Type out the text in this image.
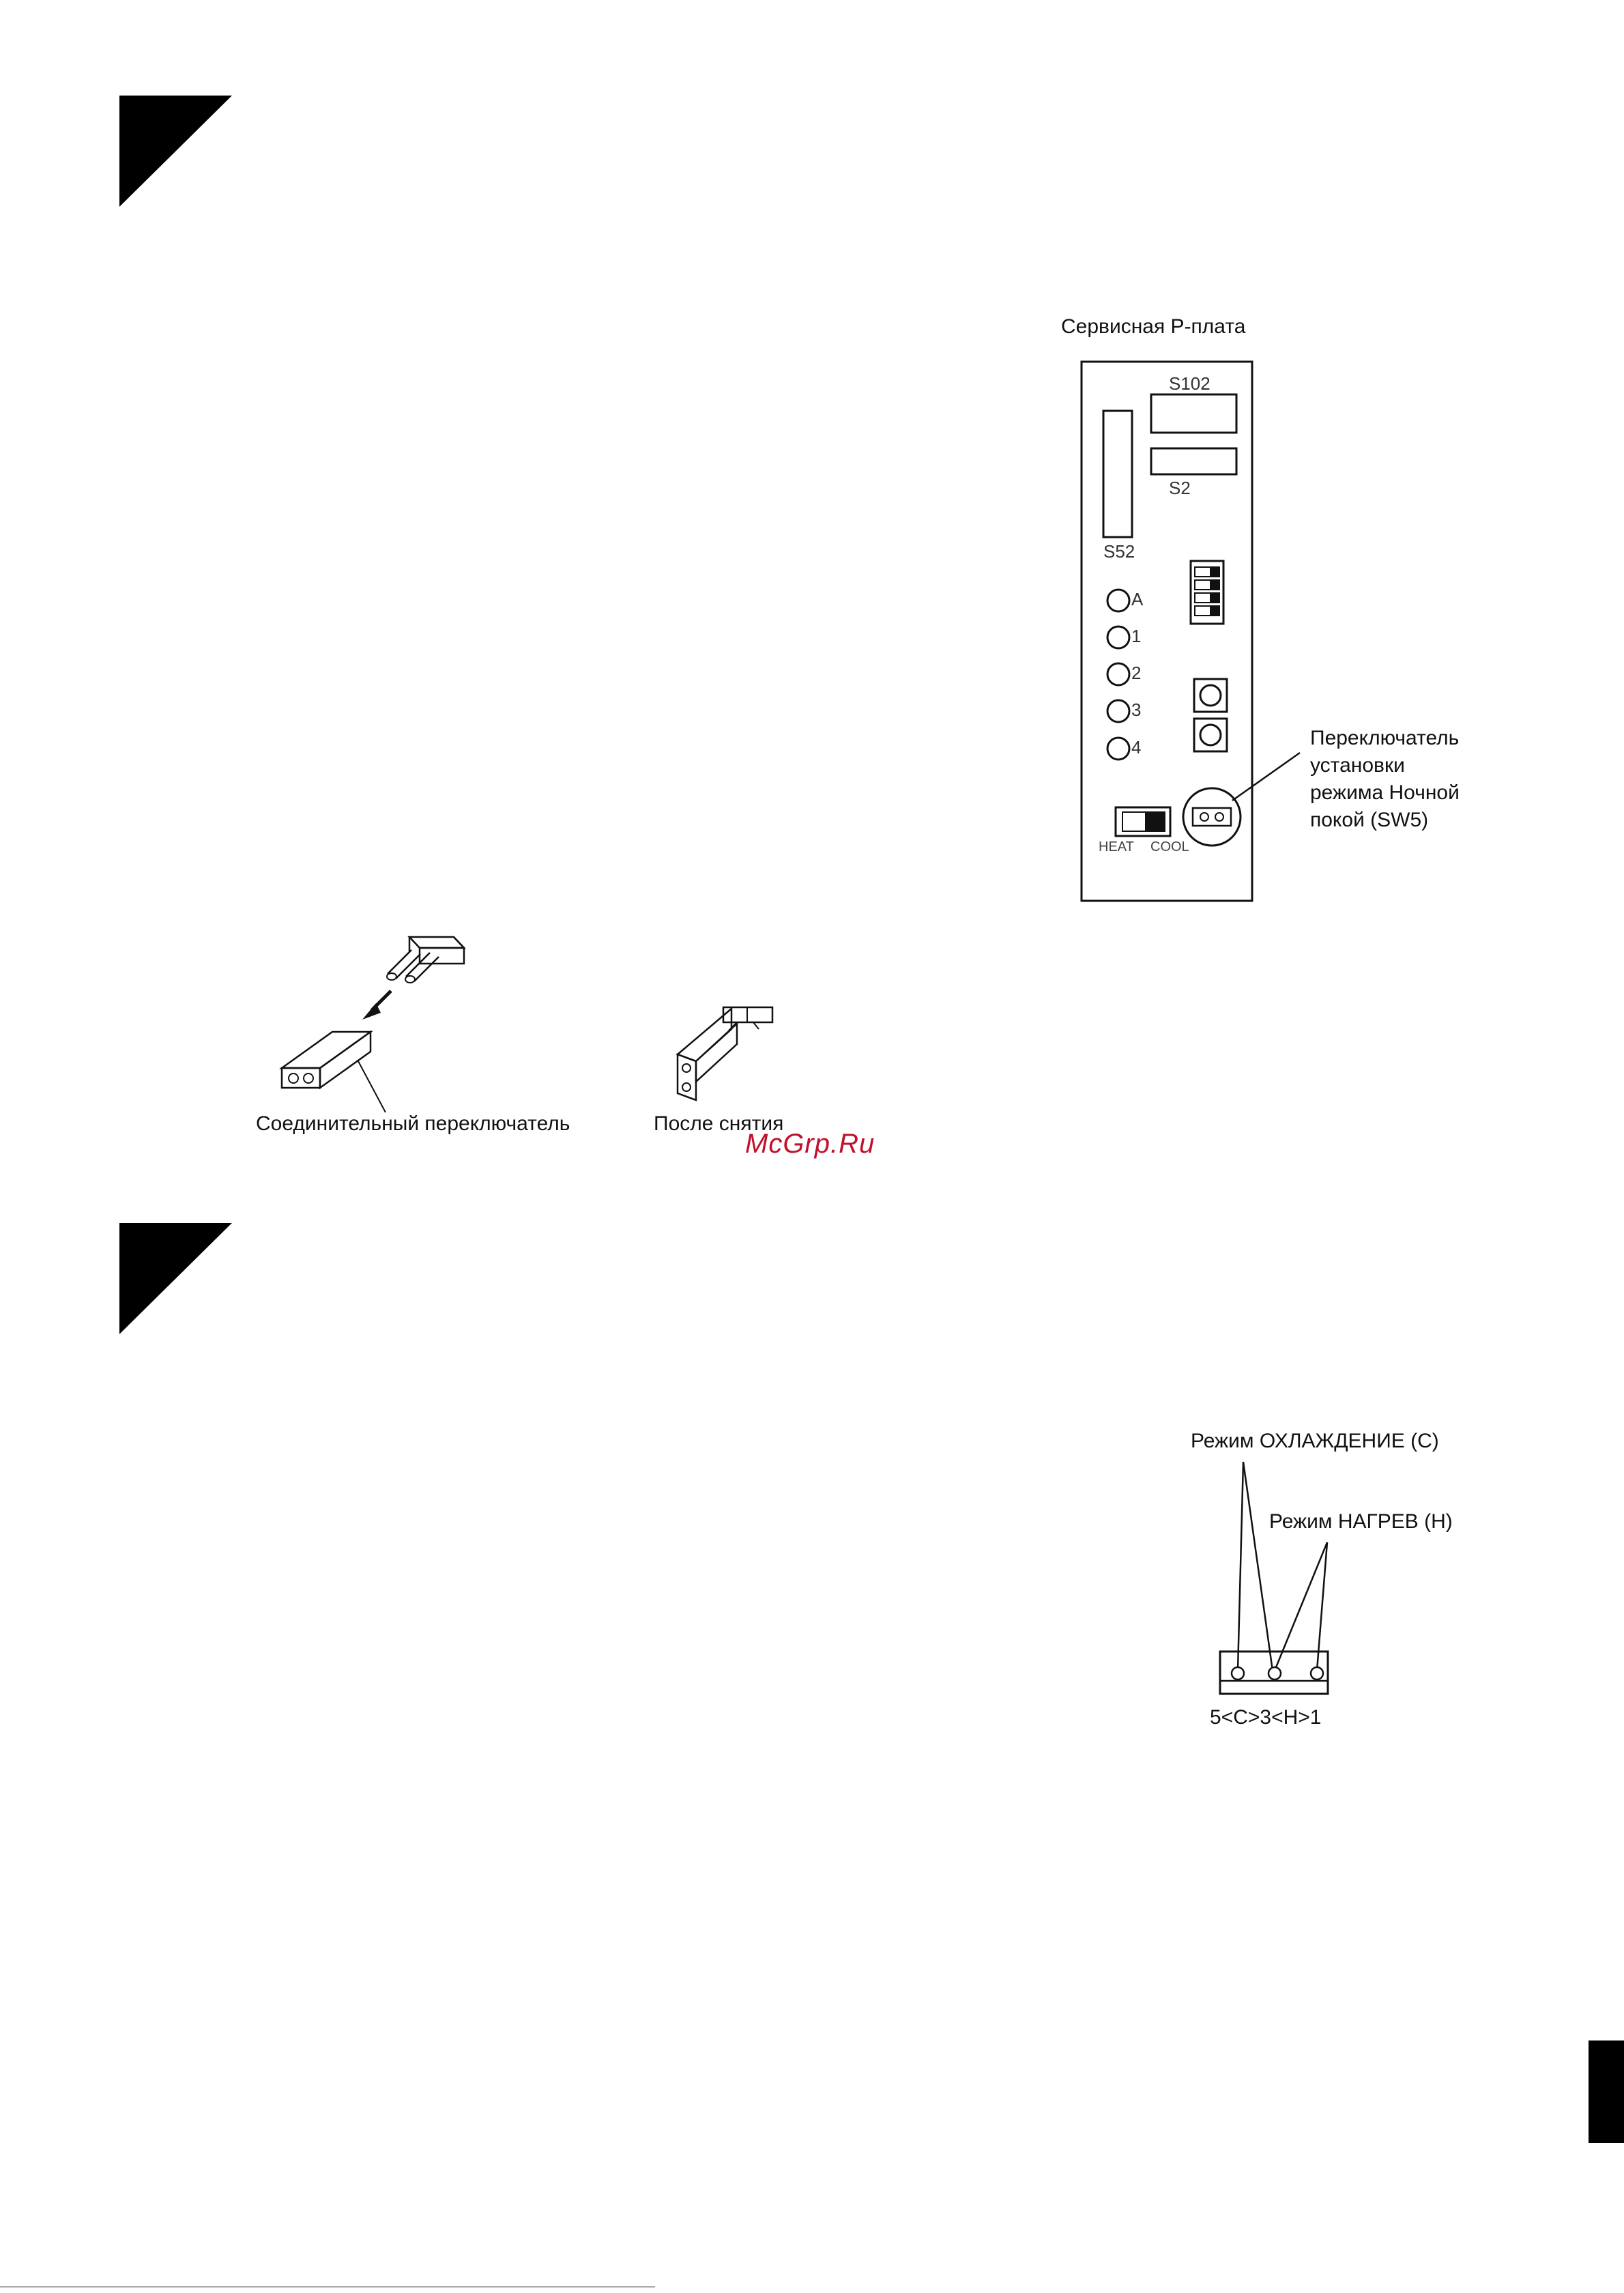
Сервисная Р-плата
S102
S2
S52
A
1
2
3
4
HEAT COOL
Переключатель
установки
режима Ночной
покой (SW5)
Соединительный переключатель	После снятия
McGrp.Ru
Режим ОХЛАЖДЕНИЕ (С)
Режим НАГРЕВ (Н)
5<C>3<H>1
